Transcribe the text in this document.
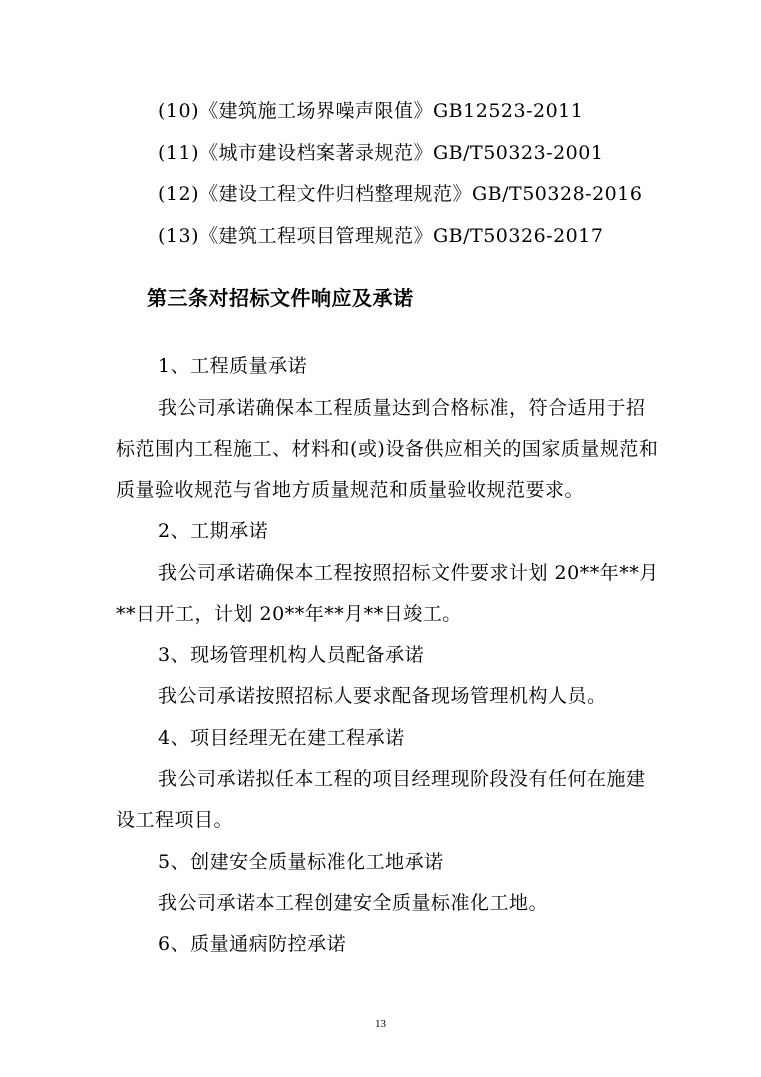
(10)《建筑施工场界噪声限值》GB12523-2011
(11)《城市建设档案著录规范》GB/T50323-2001
(12)《建设工程文件归档整理规范》GB/T50328-2016
(13)《建筑工程项目管理规范》GB/T50326-2017
第三条对招标文件响应及承诺
1、工程质量承诺
我公司承诺确保本工程质量达到合格标准，符合适用于招
标范围内工程施工、材料和(或)设备供应相关的国家质量规范和
质量验收规范与省地方质量规范和质量验收规范要求。
2、工期承诺
我公司承诺确保本工程按照招标文件要求计划 20**年**月
**日开工，计划 20**年**月**日竣工。
3、现场管理机构人员配备承诺
我公司承诺按照招标人要求配备现场管理机构人员。
4、项目经理无在建工程承诺
我公司承诺拟任本工程的项目经理现阶段没有任何在施建
设工程项目。
5、创建安全质量标准化工地承诺
我公司承诺本工程创建安全质量标准化工地。
6、质量通病防控承诺
13
